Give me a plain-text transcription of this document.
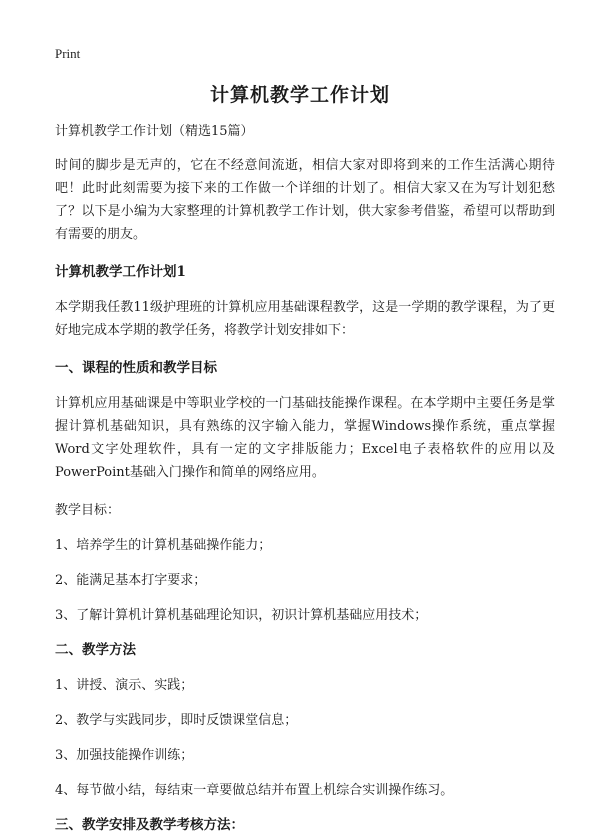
Print
计算机教学工作计划

计算机教学工作计划（精选15篇）

时间的脚步是无声的，它在不经意间流逝，相信大家对即将到来的工作生活满心期待吧！此时此刻需要为接下来的工作做一个详细的计划了。相信大家又在为写计划犯愁了？以下是小编为大家整理的计算机教学工作计划，供大家参考借鉴，希望可以帮助到有需要的朋友。

计算机教学工作计划1

本学期我任教11级护理班的计算机应用基础课程教学，这是一学期的教学课程，为了更好地完成本学期的教学任务，将教学计划安排如下：

一、课程的性质和教学目标

计算机应用基础课是中等职业学校的一门基础技能操作课程。在本学期中主要任务是掌握计算机基础知识，具有熟练的汉字输入能力，掌握Windows操作系统，重点掌握Word文字处理软件，具有一定的文字排版能力；Excel电子表格软件的应用以及PowerPoint基础入门操作和简单的网络应用。

教学目标：

1、培养学生的计算机基础操作能力；

2、能满足基本打字要求；

3、了解计算机计算机基础理论知识，初识计算机基础应用技术；

二、教学方法

1、讲授、演示、实践；

2、教学与实践同步，即时反馈课堂信息；

3、加强技能操作训练；

4、每节做小结，每结束一章要做总结并布置上机综合实训操作练习。

三、教学安排及教学考核方法：
